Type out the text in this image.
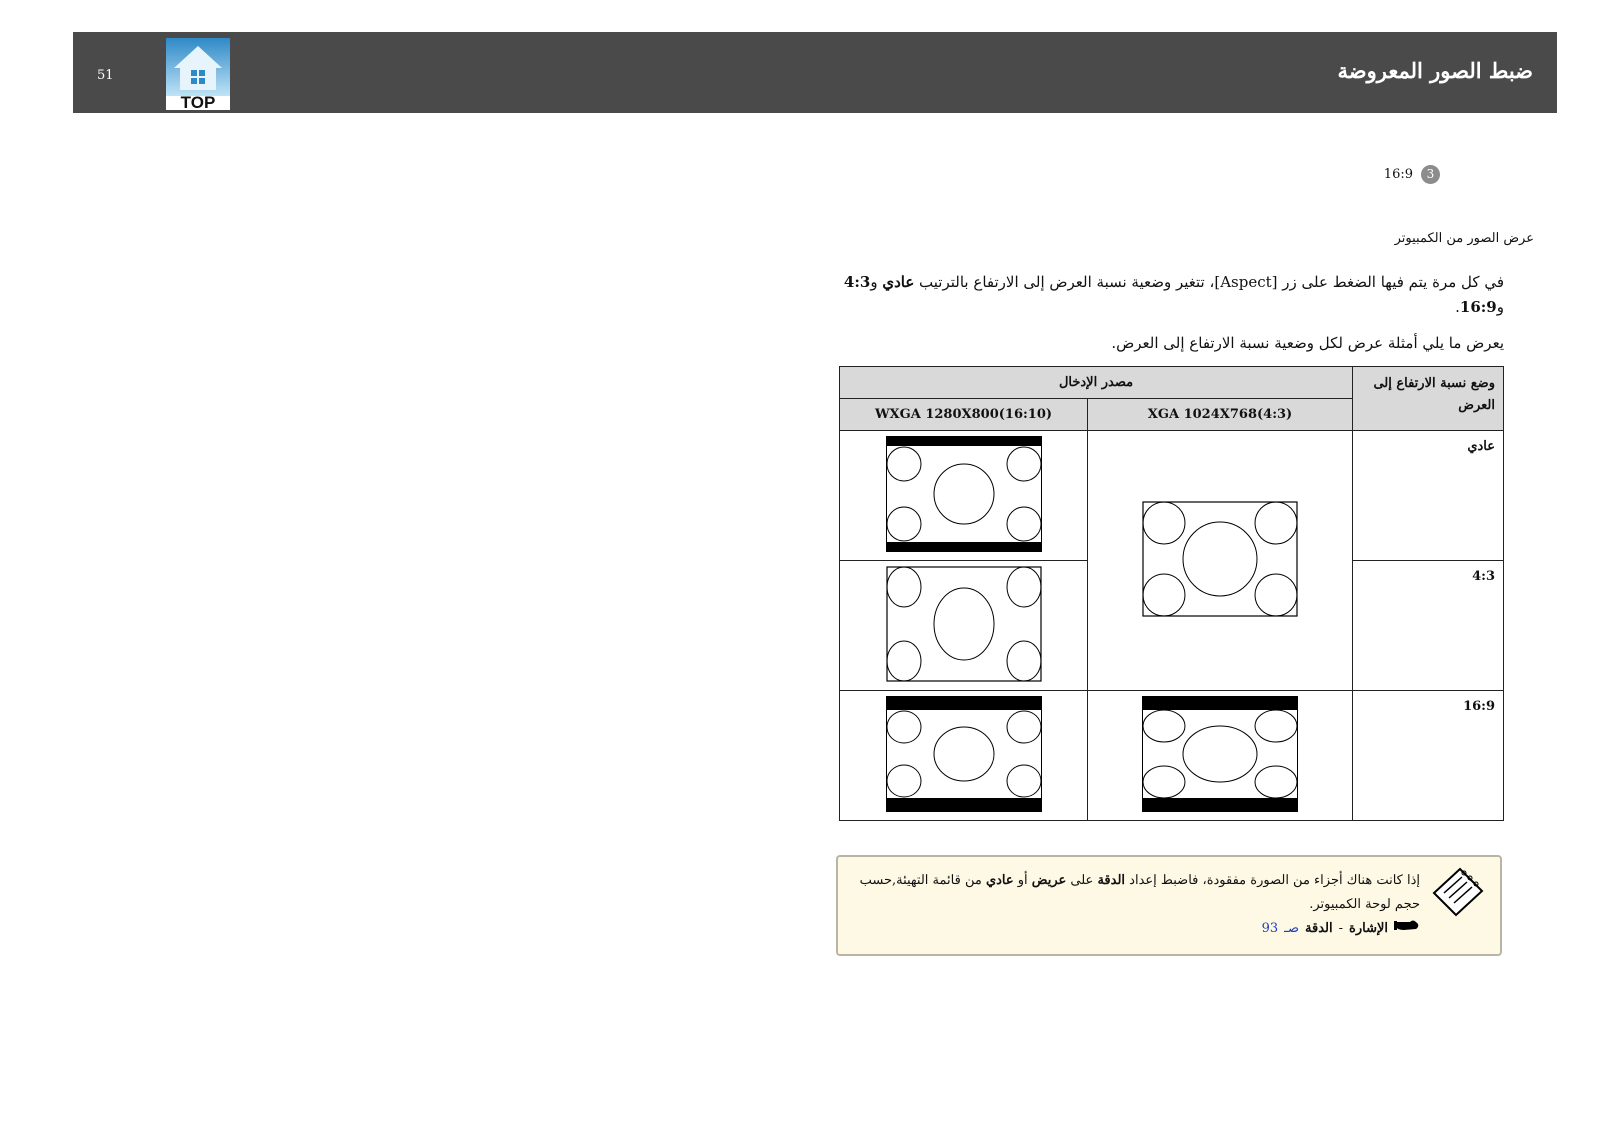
51
TOP
ضبط الصور المعروضة
16:9	3
عرض الصور من الكمبيوتر
في كل مرة يتم فيها الضغط على زر [Aspect]، تتغير وضعية نسبة العرض إلى الارتفاع بالترتيب عادي و4:3 و16:9.
يعرض ما يلي أمثلة عرض لكل وضعية نسبة الارتفاع إلى العرض.
وضع نسبة الارتفاع إلى العرض	مصدر الإدخال	
	(4:3)XGA 1024X768	(16:10)WXGA 1280X800
عادي		
4:3	
16:9		
إذا كانت هناك أجزاء من الصورة مفقودة، فاضبط إعداد الدقة على عريض أو عادي من قائمة التهيئة,حسب حجم لوحة الكمبيوتر.
الإشارة
-
الدقة
صـ
93
